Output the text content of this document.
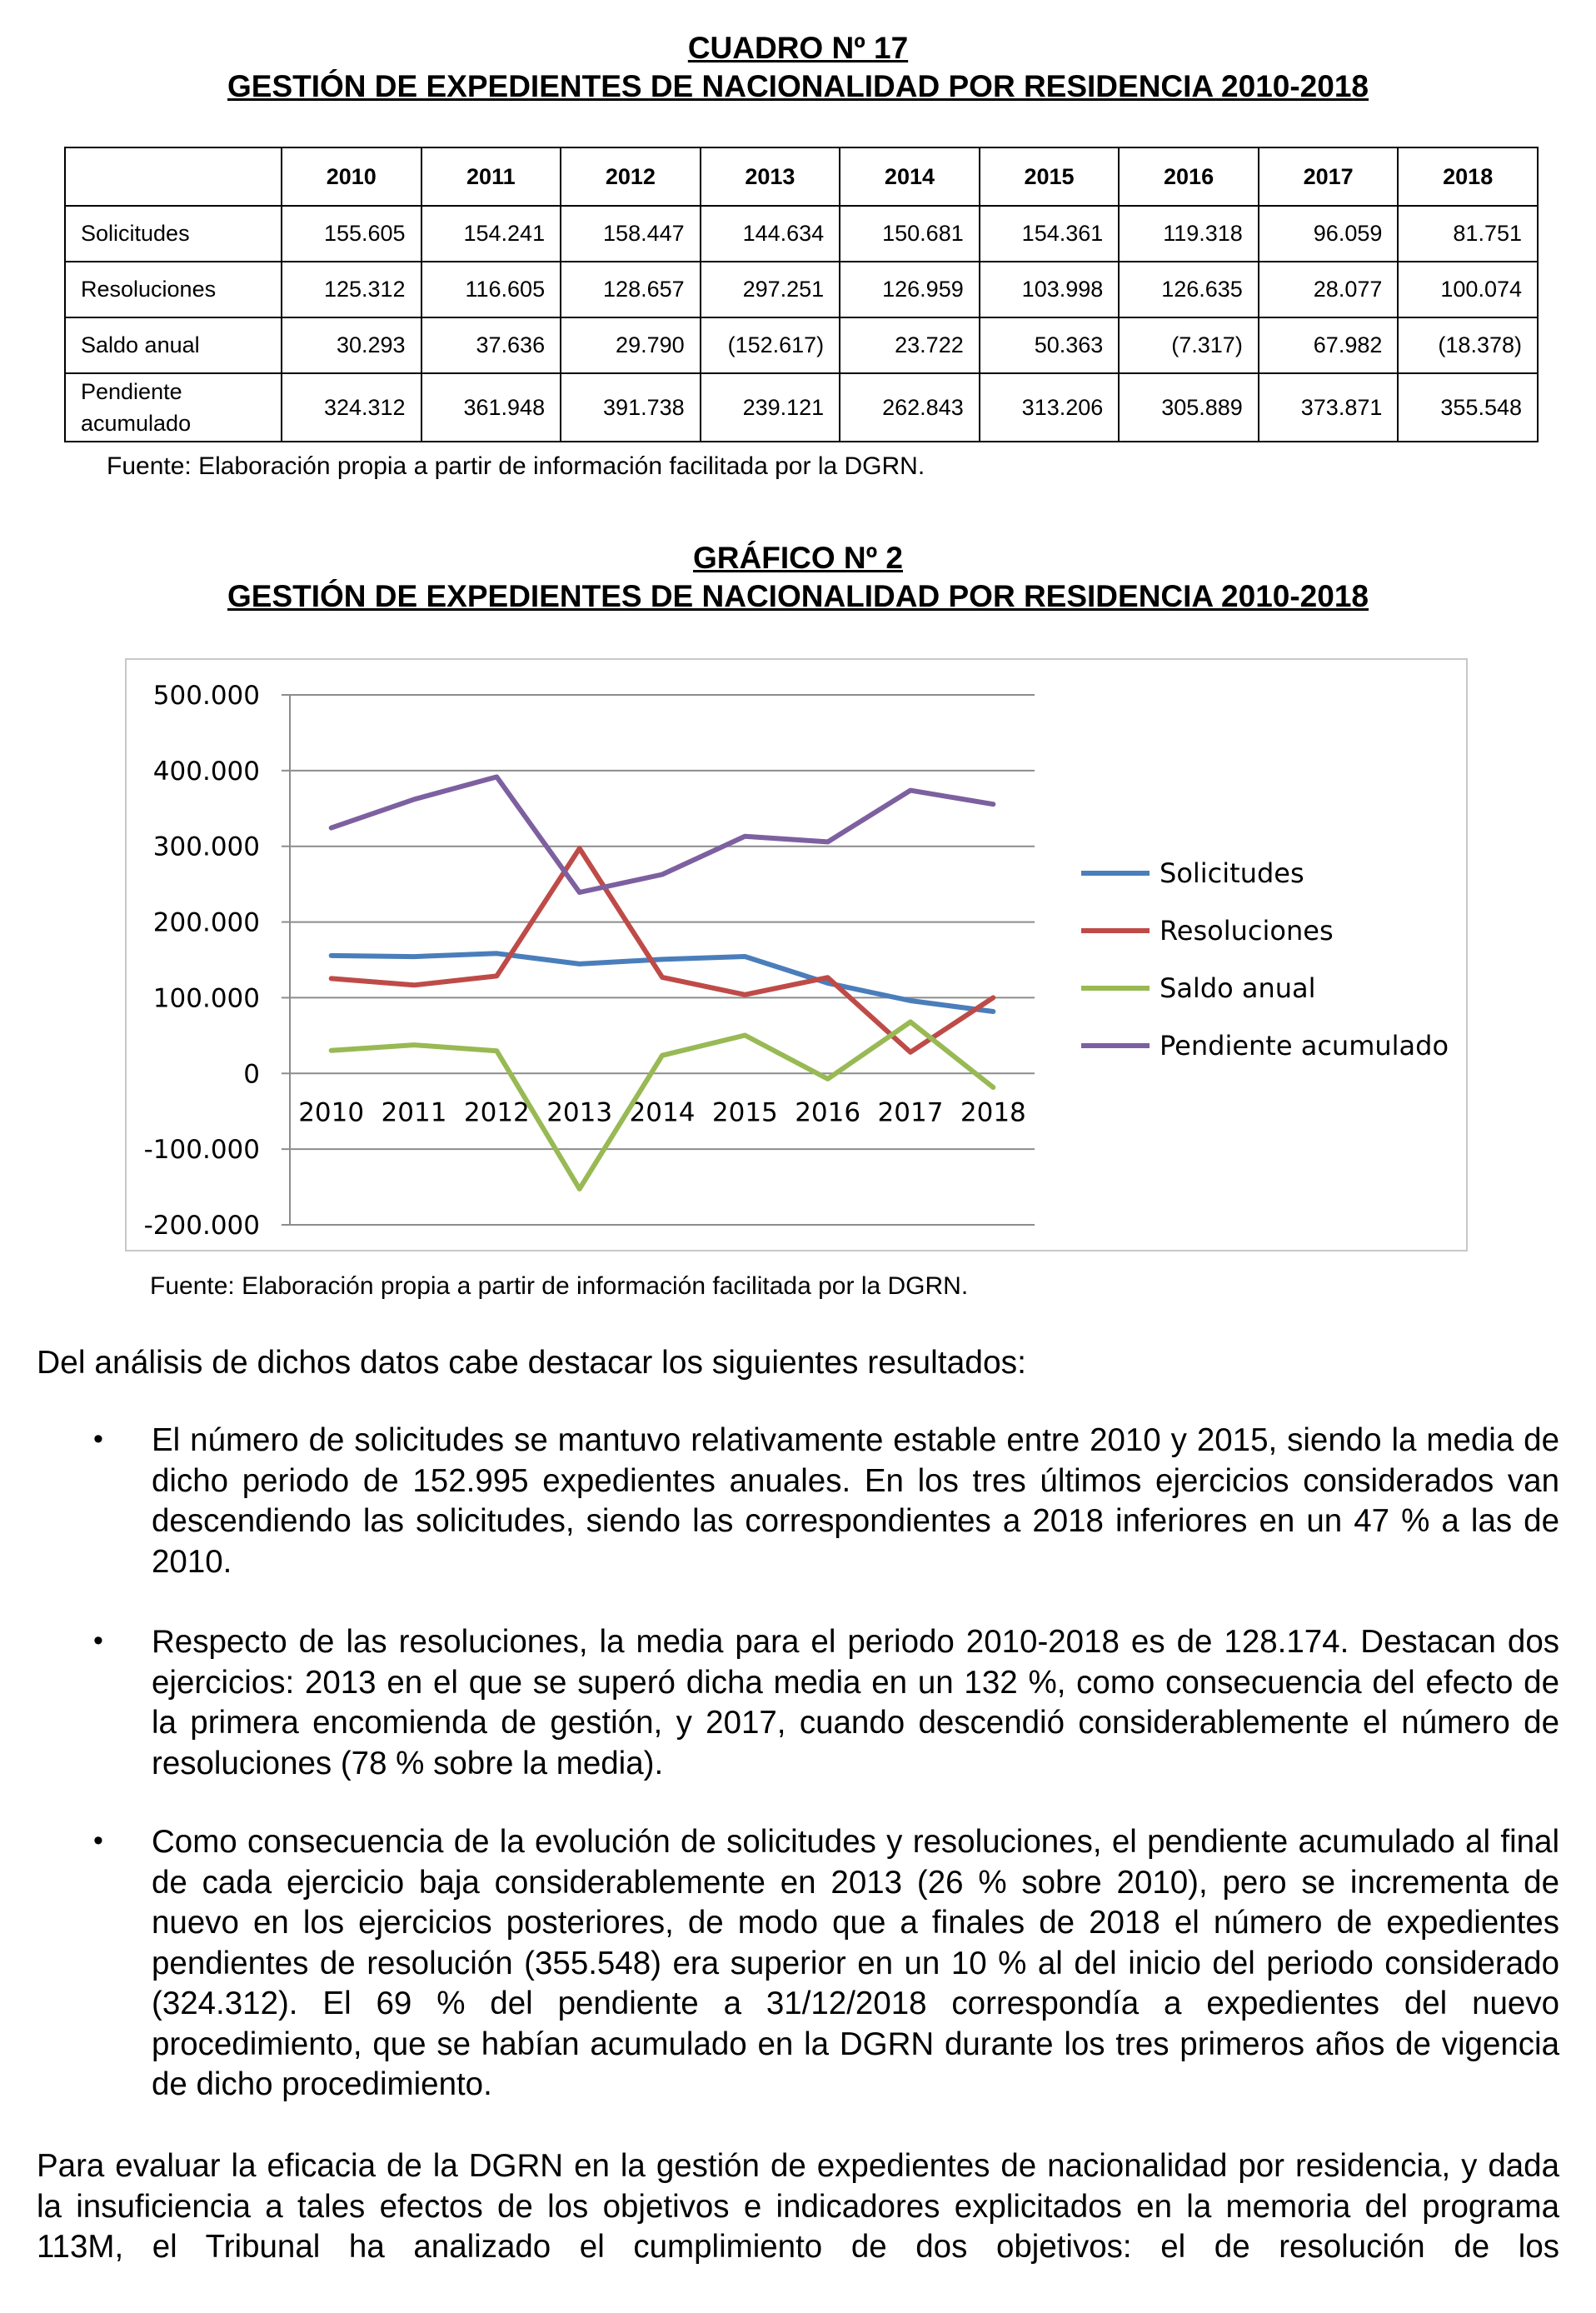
CUADRO Nº 17
GESTIÓN DE EXPEDIENTES DE NACIONALIDAD POR RESIDENCIA 2010-2018
	2010	2011	2012	2013	2014	2015	2016	2017	2018
Solicitudes	155.605	154.241	158.447	144.634	150.681	154.361	119.318	96.059	81.751
Resoluciones	125.312	116.605	128.657	297.251	126.959	103.998	126.635	28.077	100.074
Saldo anual	30.293	37.636	29.790	(152.617)	23.722	50.363	(7.317)	67.982	(18.378)

Pendiente
acumulado	324.312	361.948	391.738	239.121	262.843	313.206	305.889	373.871	355.548
Fuente: Elaboración propia a partir de información facilitada por la DGRN.
GRÁFICO Nº 2
GESTIÓN DE EXPEDIENTES DE NACIONALIDAD POR RESIDENCIA 2010-2018
500.000
400.000
300.000
200.000
100.000
0
-100.000
-200.000
2010 2011 2012 2013 2014 2015 2016 2017 2018
Solicitudes
Resoluciones
Saldo anual
Pendiente acumulado
Fuente: Elaboración propia a partir de información facilitada por la DGRN.
Del análisis de dichos datos cabe destacar los siguientes resultados:
• El número de solicitudes se mantuvo relativamente estable entre 2010 y 2015, siendo la media de dicho periodo de 152.995 expedientes anuales. En los tres últimos ejercicios considerados van descendiendo las solicitudes, siendo las correspondientes a 2018 inferiores en un 47 % a las de 2010.
• Respecto de las resoluciones, la media para el periodo 2010-2018 es de 128.174. Destacan dos ejercicios: 2013 en el que se superó dicha media en un 132 %, como consecuencia del efecto de la primera encomienda de gestión, y 2017, cuando descendió considerablemente el número de resoluciones (78 % sobre la media).
• Como consecuencia de la evolución de solicitudes y resoluciones, el pendiente acumulado al final de cada ejercicio baja considerablemente en 2013 (26 % sobre 2010), pero se incrementa de nuevo en los ejercicios posteriores, de modo que a finales de 2018 el número de expedientes pendientes de resolución (355.548) era superior en un 10 % al del inicio del periodo considerado (324.312). El 69 % del pendiente a 31/12/2018 correspondía a expedientes del nuevo procedimiento, que se habían acumulado en la DGRN durante los tres primeros años de vigencia de dicho procedimiento.
Para evaluar la eficacia de la DGRN en la gestión de expedientes de nacionalidad por residencia, y dada la insuficiencia a tales efectos de los objetivos e indicadores explicitados en la memoria del programa 113M, el Tribunal ha analizado el cumplimiento de dos objetivos: el de resolución de los
